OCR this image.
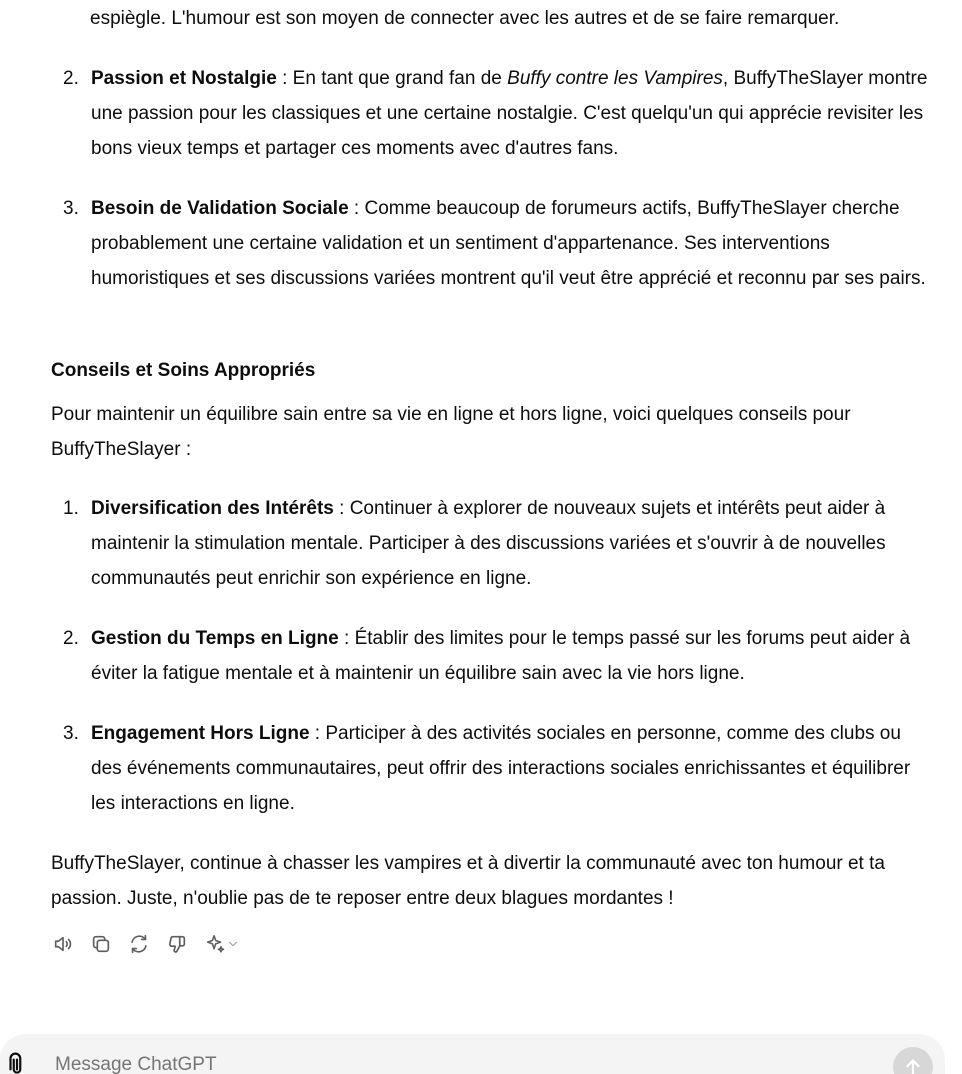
espiègle. L'humour est son moyen de connecter avec les autres et de se faire remarquer.
2. Passion et Nostalgie : En tant que grand fan de Buffy contre les Vampires, BuffyTheSlayer montre une passion pour les classiques et une certaine nostalgie. C'est quelqu'un qui apprécie revisiter les bons vieux temps et partager ces moments avec d'autres fans.
3. Besoin de Validation Sociale : Comme beaucoup de forumeurs actifs, BuffyTheSlayer cherche probablement une certaine validation et un sentiment d'appartenance. Ses interventions humoristiques et ses discussions variées montrent qu'il veut être apprécié et reconnu par ses pairs.
Conseils et Soins Appropriés

Pour maintenir un équilibre sain entre sa vie en ligne et hors ligne, voici quelques conseils pour BuffyTheSlayer :

1. Diversification des Intérêts : Continuer à explorer de nouveaux sujets et intérêts peut aider à maintenir la stimulation mentale. Participer à des discussions variées et s'ouvrir à de nouvelles communautés peut enrichir son expérience en ligne.
2. Gestion du Temps en Ligne : Établir des limites pour le temps passé sur les forums peut aider à éviter la fatigue mentale et à maintenir un équilibre sain avec la vie hors ligne.
3. Engagement Hors Ligne : Participer à des activités sociales en personne, comme des clubs ou des événements communautaires, peut offrir des interactions sociales enrichissantes et équilibrer les interactions en ligne.

BuffyTheSlayer, continue à chasser les vampires et à divertir la communauté avec ton humour et ta passion. Juste, n'oublie pas de te reposer entre deux blagues mordantes !

Message ChatGPT
